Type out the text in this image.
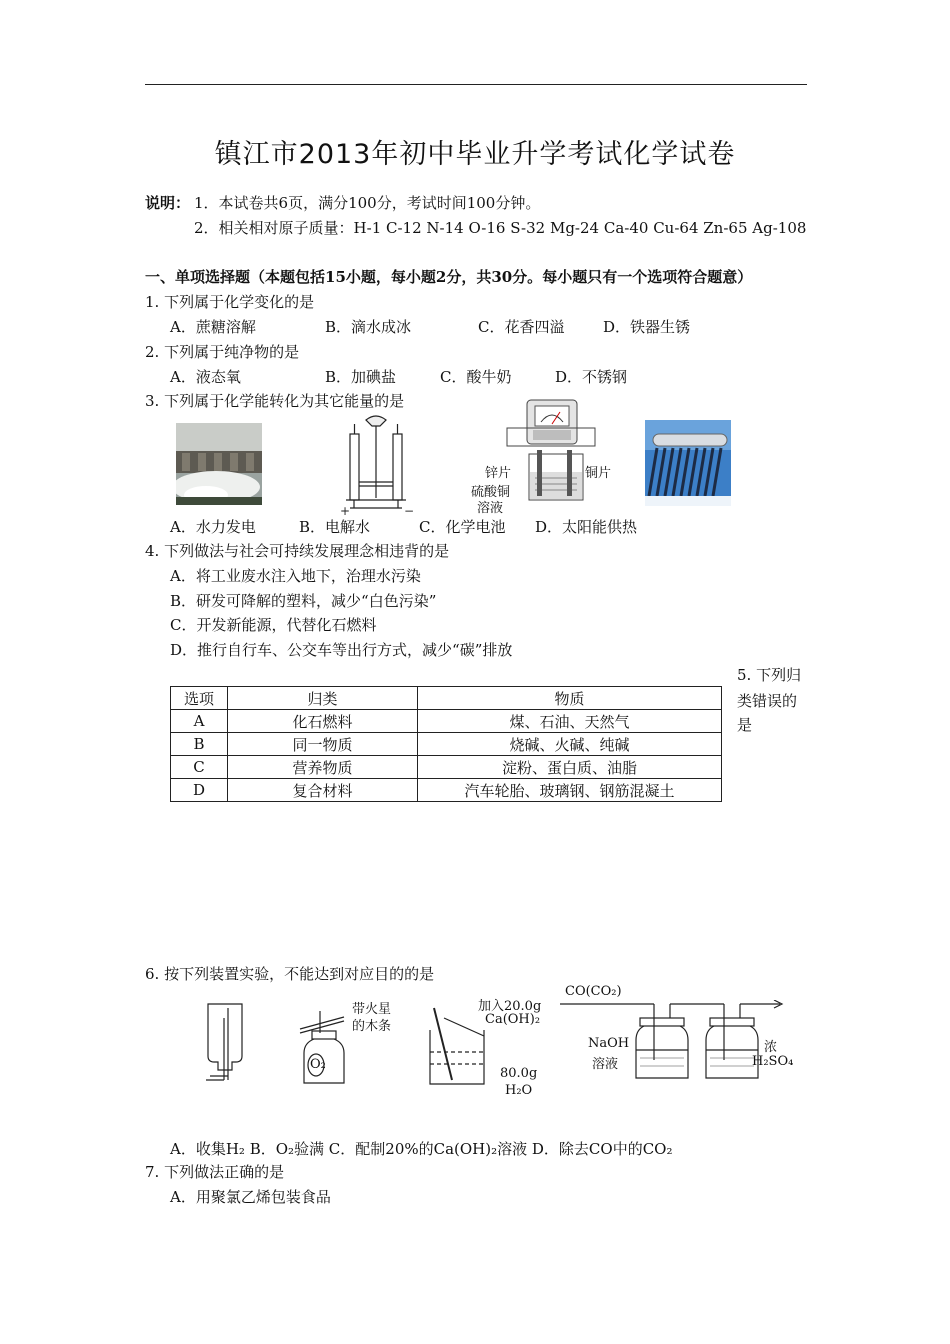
镇江市2013年初中毕业升学考试化学试卷
说明： 1．本试卷共6页，满分100分，考试时间100分钟。
2．相关相对原子质量：H-1 C-12 N-14 O-16 S-32 Mg-24 Ca-40 Cu-64 Zn-65 Ag-108
一、单项选择题（本题包括15小题，每小题2分，共30分。每小题只有一个选项符合题意）
1. 下列属于化学变化的是
A．蔗糖溶解	B．滴水成冰	C．花香四溢	D．铁器生锈
2. 下列属于纯净物的是
A．液态氧	B．加碘盐	C．酸牛奶	D．不锈钢
3. 下列属于化学能转化为其它能量的是
+	−
锌片	铜片
硫酸铜
溶液
A．水力发电	B．电解水	C．化学电池 D．太阳能供热
4. 下列做法与社会可持续发展理念相违背的是
A．将工业废水注入地下，治理水污染
B．研发可降解的塑料，减少“白色污染”
C．开发新能源，代替化石燃料
D．推行自行车、公交车等出行方式，减少“碳”排放
5. 下列归
类错误的
是
选项	归类	物质
A	化石燃料	煤、石油、天然气
B	同一物质	烧碱、火碱、纯碱
C	营养物质	淀粉、蛋白质、油脂
D	复合材料	汽车轮胎、玻璃钢、钢筋混凝土
6. 按下列装置实验，不能达到对应目的的是
O₂
带火星
的木条
加入20.0g
Ca(OH)₂
80.0g
H₂O
CO(CO₂)
NaOH
溶液
浓
H₂SO₄
A．收集H₂ B．O₂验满 C．配制20%的Ca(OH)₂溶液 D．除去CO中的CO₂
7. 下列做法正确的是
A．用聚氯乙烯包装食品
